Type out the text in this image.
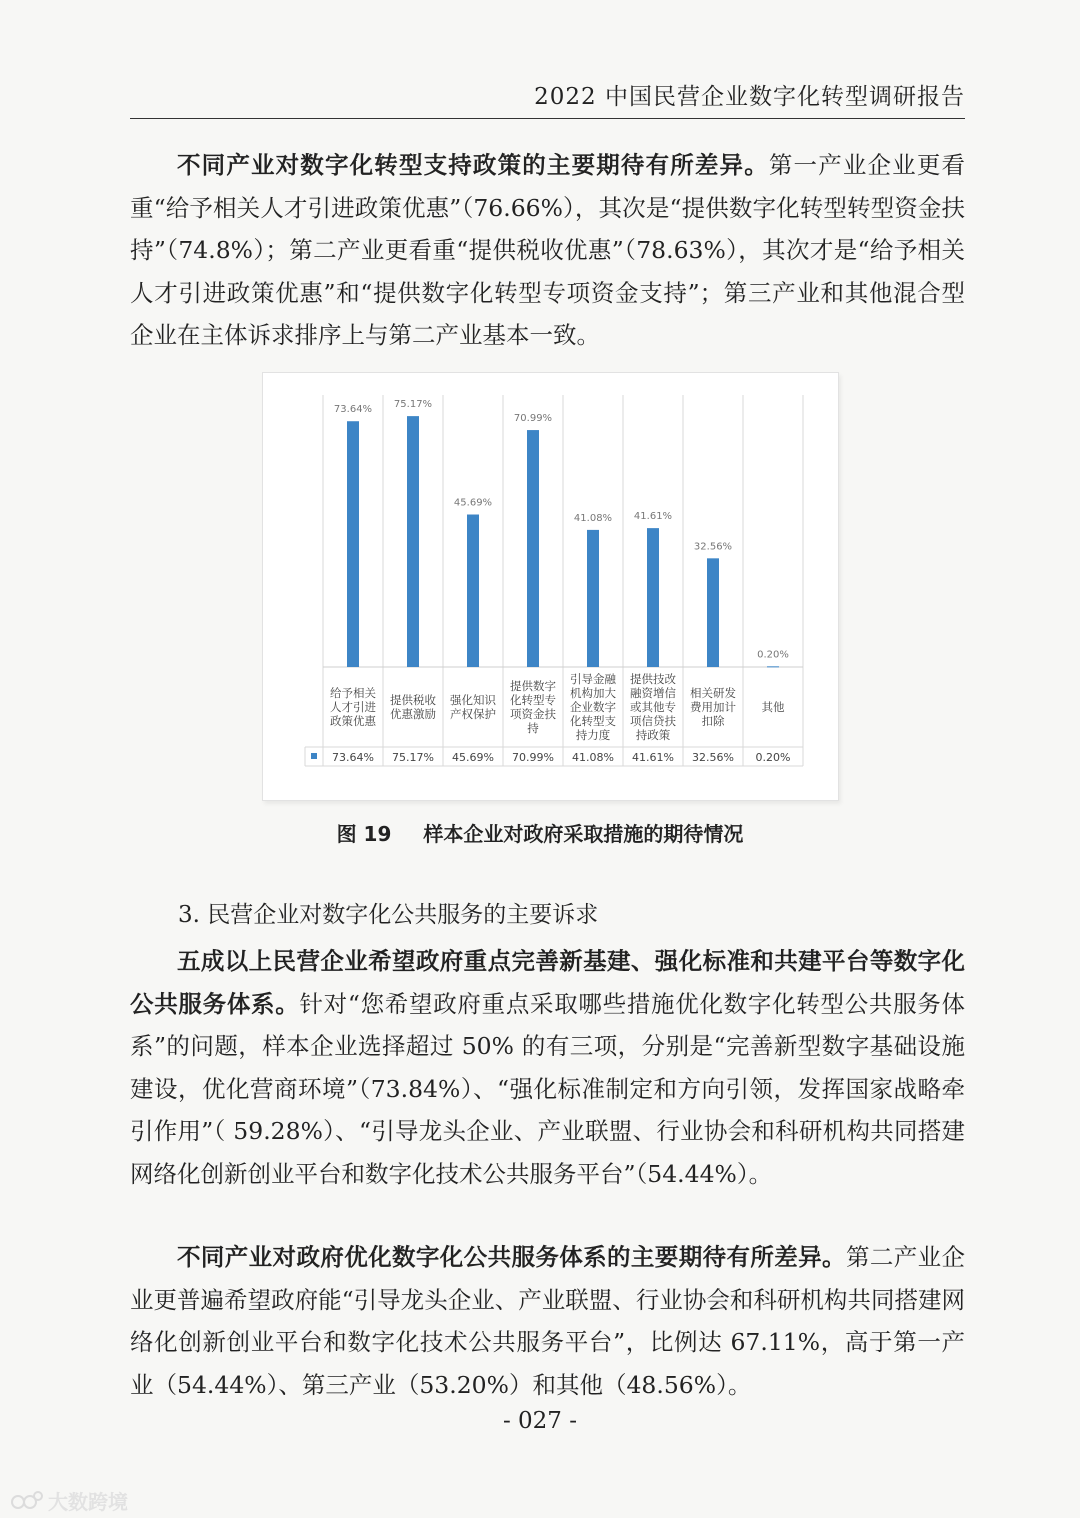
2022 中国民营企业数字化转型调研报告

不同产业对数字化转型支持政策的主要期待有所差异。第一产业企业更看重“给予相关人才引进政策优惠”（76.66%），其次是“提供数字化转型转型资金扶持”（74.8%）；第二产业更看重“提供税收优惠”（78.63%），其次才是“给予相关人才引进政策优惠”和“提供数字化转型专项资金支持”；第三产业和其他混合型企业在主体诉求排序上与第二产业基本一致。

73.64%
给予相关
人才引进
政策优惠
73.64%
75.17%
提供税收
优惠激励
75.17%
45.69%
强化知识
产权保护
45.69%
70.99%
提供数字
化转型专
项资金扶
持
70.99%
41.08%
引导金融
机构加大
企业数字
化转型支
持力度
41.08%
41.61%
提供技改
融资增信
或其他专
项信贷扶
持政策
41.61%
32.56%
相关研发
费用加计
扣除
32.56%
0.20%
其他
0.20%
图 19 样本企业对政府采取措施的期待情况

3. 民营企业对数字化公共服务的主要诉求

五成以上民营企业希望政府重点完善新基建、强化标准和共建平台等数字化公共服务体系。针对“您希望政府重点采取哪些措施优化数字化转型公共服务体系”的问题，样本企业选择超过 50% 的有三项，分别是“完善新型数字基础设施建设，优化营商环境”（73.84%）、“强化标准制定和方向引领，发挥国家战略牵引作用”（ 59.28%）、“引导龙头企业、产业联盟、行业协会和科研机构共同搭建网络化创新创业平台和数字化技术公共服务平台”（54.44%）。

不同产业对政府优化数字化公共服务体系的主要期待有所差异。第二产业企业更普遍希望政府能“引导龙头企业、产业联盟、行业协会和科研机构共同搭建网络化创新创业平台和数字化技术公共服务平台”，比例达 67.11%，高于第一产业（54.44%）、第三产业（53.20%）和其他（48.56%）。

- 027 -
大数跨境
